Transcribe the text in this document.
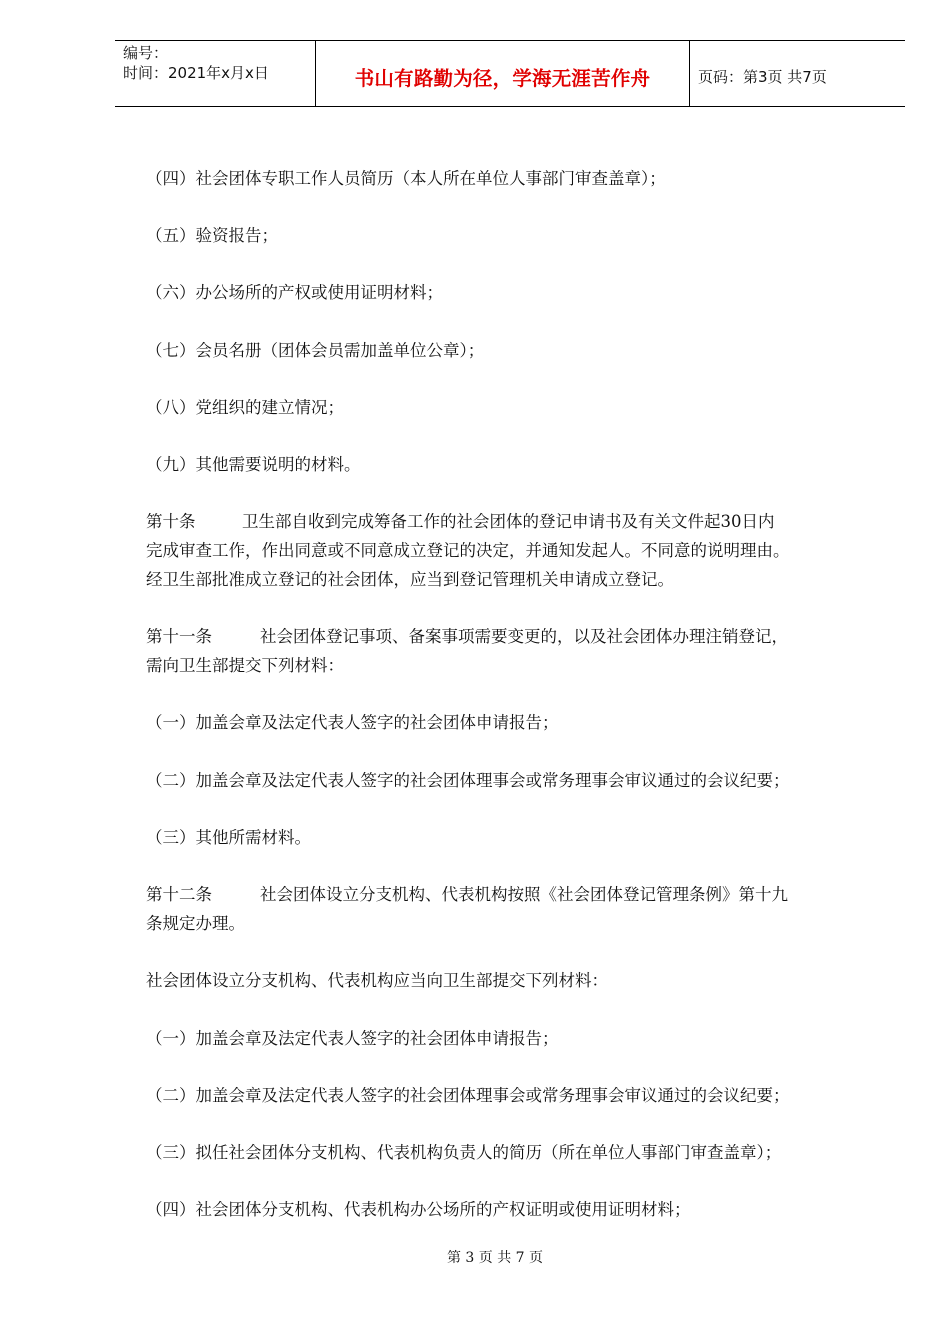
编号：
时间：2021年x月x日	书山有路勤为径，学海无涯苦作舟	页码：第3页 共7页
（四）社会团体专职工作人员简历（本人所在单位人事部门审查盖章）；
（五）验资报告；
（六）办公场所的产权或使用证明材料；
（七）会员名册（团体会员需加盖单位公章）；
（八）党组织的建立情况；
（九）其他需要说明的材料。
第十条	卫生部自收到完成筹备工作的社会团体的登记申请书及有关文件起30日内
完成审查工作，作出同意或不同意成立登记的决定，并通知发起人。不同意的说明理由。
经卫生部批准成立登记的社会团体，应当到登记管理机关申请成立登记。
第十一条	社会团体登记事项、备案事项需要变更的，以及社会团体办理注销登记，
需向卫生部提交下列材料：
（一）加盖会章及法定代表人签字的社会团体申请报告；
（二）加盖会章及法定代表人签字的社会团体理事会或常务理事会审议通过的会议纪要；
（三）其他所需材料。
第十二条	社会团体设立分支机构、代表机构按照《社会团体登记管理条例》第十九
条规定办理。
社会团体设立分支机构、代表机构应当向卫生部提交下列材料：
（一）加盖会章及法定代表人签字的社会团体申请报告；
（二）加盖会章及法定代表人签字的社会团体理事会或常务理事会审议通过的会议纪要；
（三）拟任社会团体分支机构、代表机构负责人的简历（所在单位人事部门审查盖章）；
（四）社会团体分支机构、代表机构办公场所的产权证明或使用证明材料；
第 3 页 共 7 页
